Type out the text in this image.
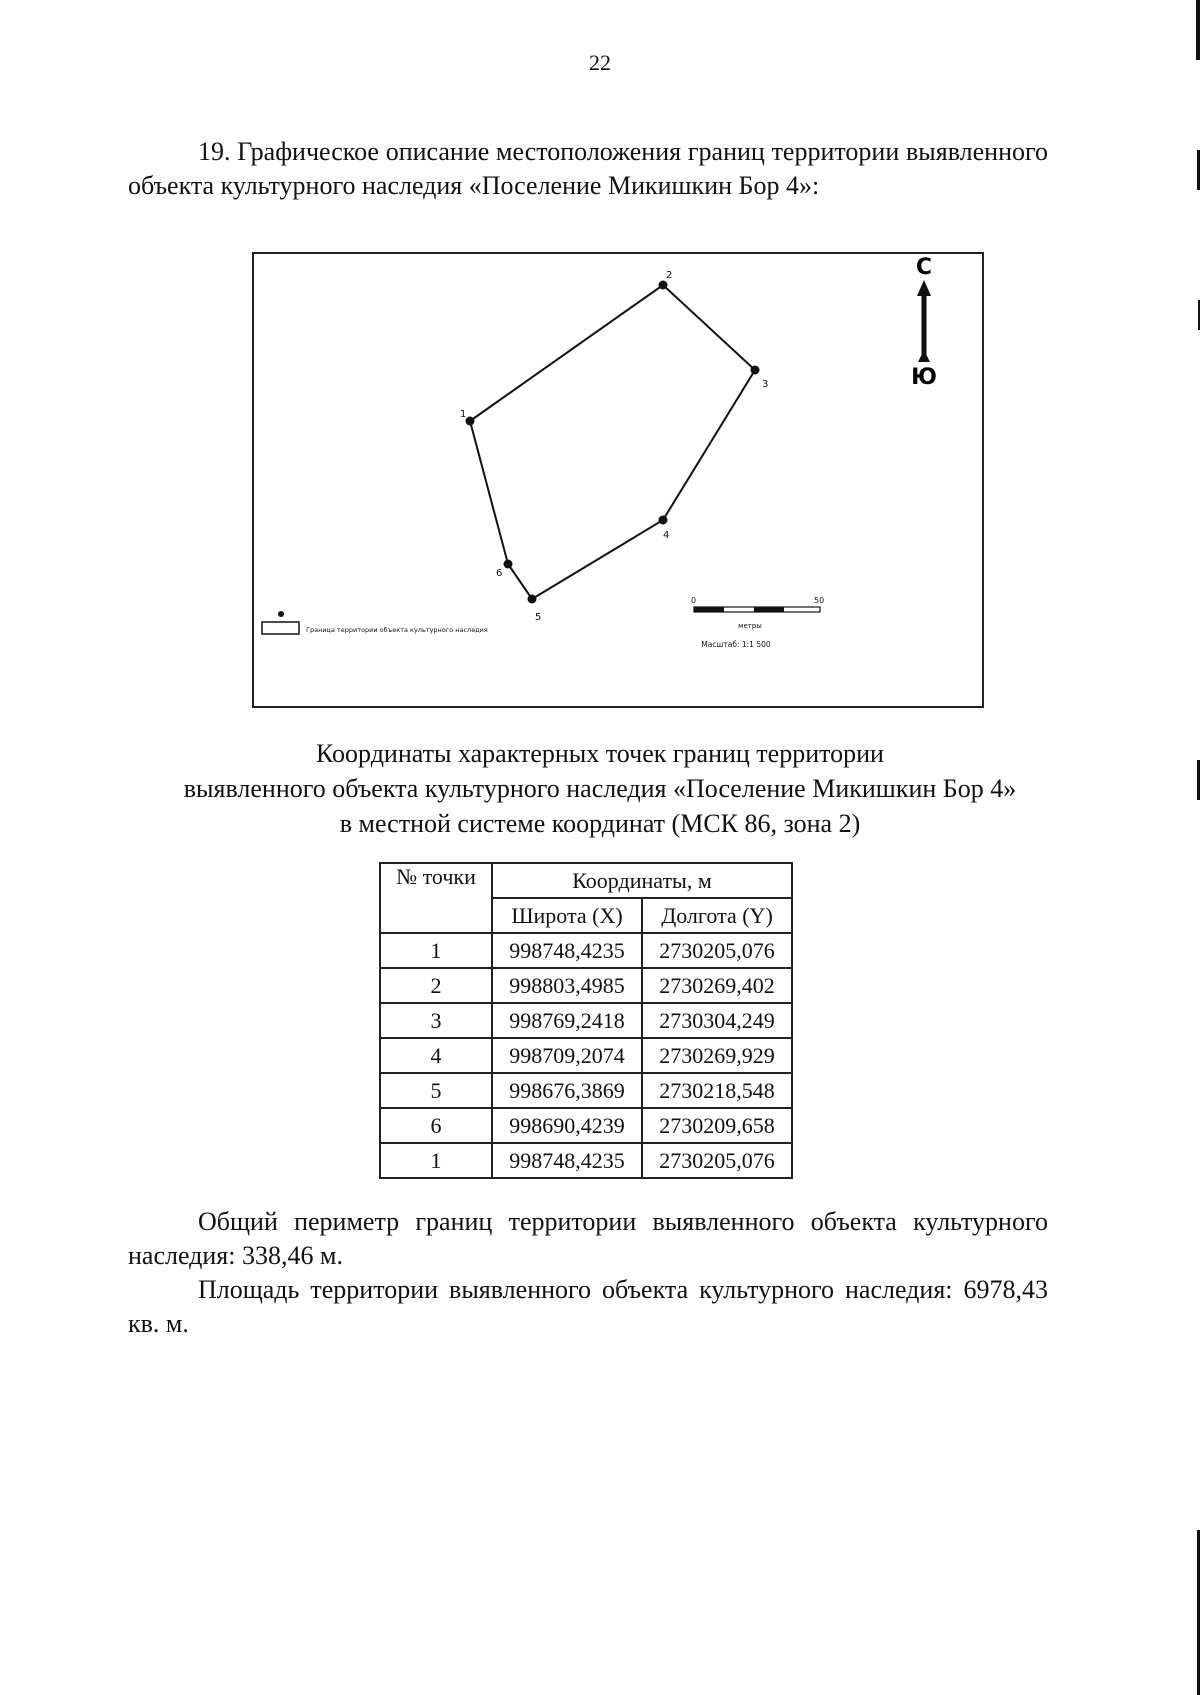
22

19. Графическое описание местоположения границ территории выявленного объекта культурного наследия «Поселение Микишкин Бор 4»:

1
2
3
4
5
6
С
Ю
Граница территории объекта культурного наследия
0	50
метры
Масштаб: 1:1 500
Координаты характерных точек границ территории
выявленного объекта культурного наследия «Поселение Микишкин Бор 4»
в местной системе координат (МСК 86, зона 2)
№ точки	Координаты, м	
	Широта (X)	Долгота (Y)
1	998748,4235	2730205,076
2	998803,4985	2730269,402
3	998769,2418	2730304,249
4	998709,2074	2730269,929
5	998676,3869	2730218,548
6	998690,4239	2730209,658
1	998748,4235	2730205,076

Общий периметр границ территории выявленного объекта культурного наследия: 338,46 м.

Площадь территории выявленного объекта культурного наследия: 6978,43 кв. м.
